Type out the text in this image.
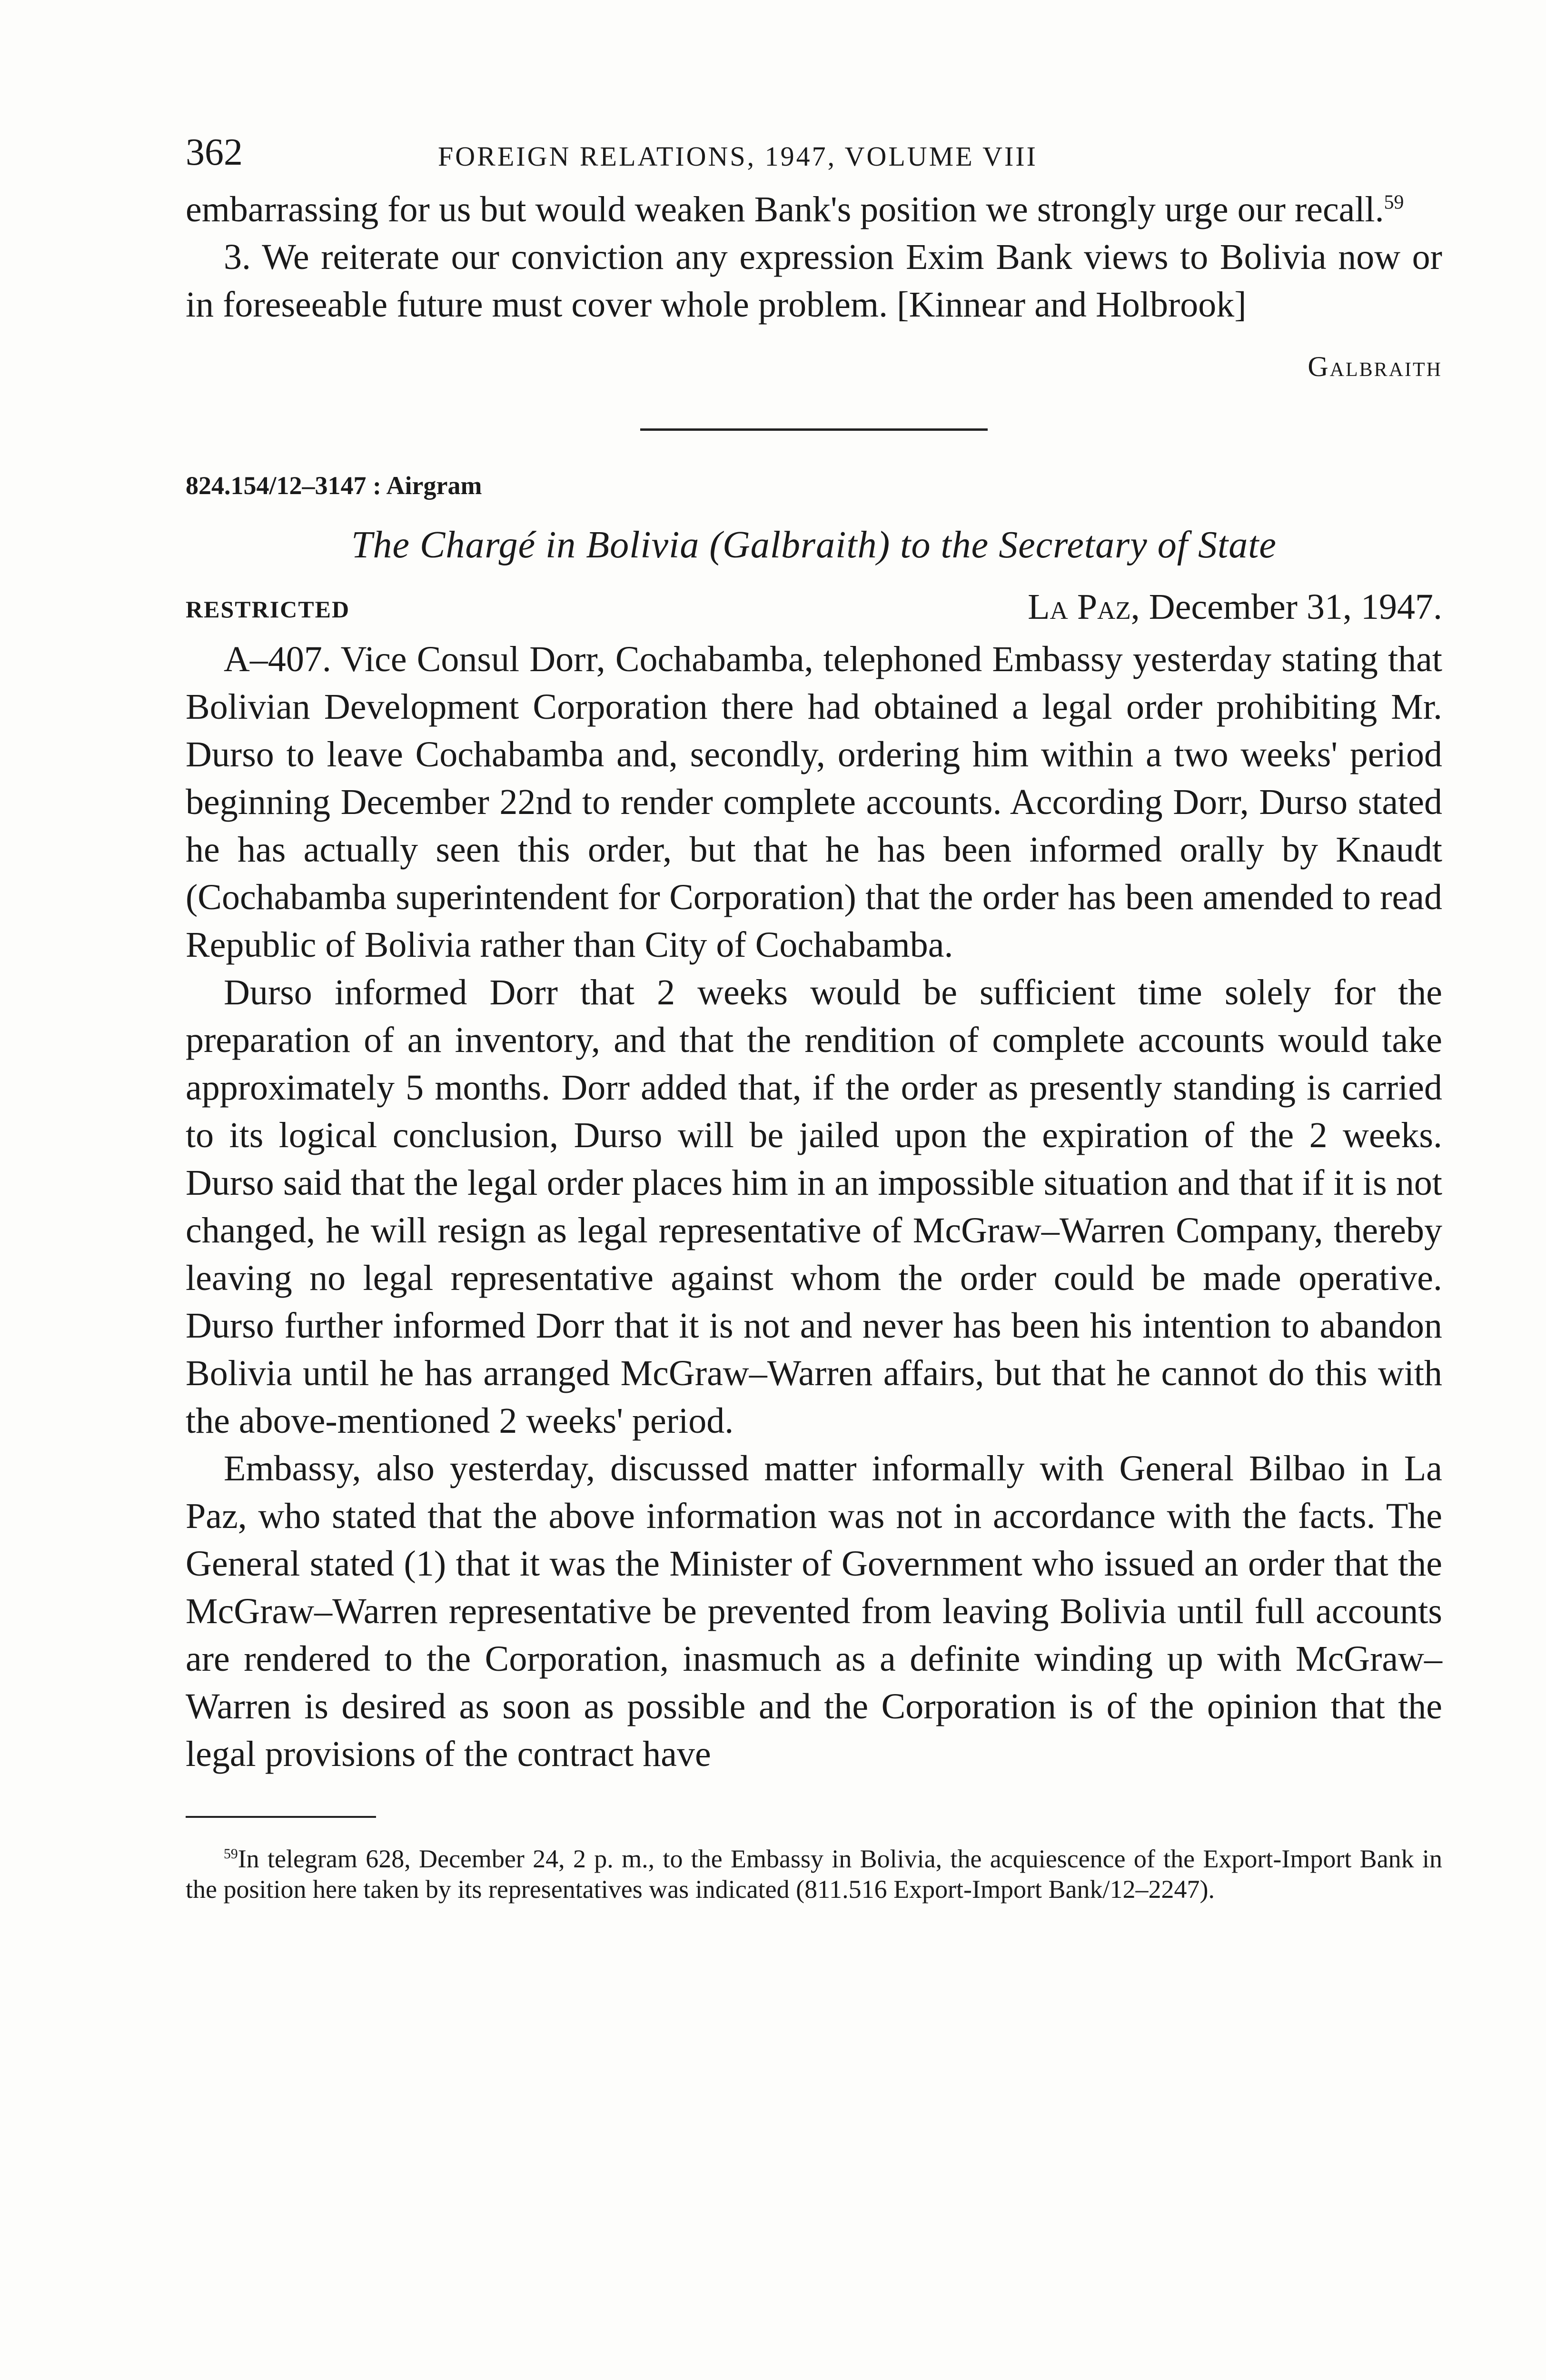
362	FOREIGN RELATIONS, 1947, VOLUME VIII

embarrassing for us but would weaken Bank's position we strongly urge our recall.$^{59}$

3. We reiterate our conviction any expression Exim Bank views to Bolivia now or in foreseeable future must cover whole problem. [Kinnear and Holbrook]

Galbraith
824.154/12–3147 : Airgram
The Chargé in Bolivia (Galbraith) to the Secretary of State
RESTRICTED	La Paz, December 31, 1947.

A–407. Vice Consul Dorr, Cochabamba, telephoned Embassy yesterday stating that Bolivian Development Corporation there had obtained a legal order prohibiting Mr. Durso to leave Cochabamba and, secondly, ordering him within a two weeks' period beginning December 22nd to render complete accounts. According Dorr, Durso stated he has actually seen this order, but that he has been informed orally by Knaudt (Cochabamba superintendent for Corporation) that the order has been amended to read Republic of Bolivia rather than City of Cochabamba.

Durso informed Dorr that 2 weeks would be sufficient time solely for the preparation of an inventory, and that the rendition of complete accounts would take approximately 5 months. Dorr added that, if the order as presently standing is carried to its logical conclusion, Durso will be jailed upon the expiration of the 2 weeks. Durso said that the legal order places him in an impossible situation and that if it is not changed, he will resign as legal representative of McGraw–Warren Company, thereby leaving no legal representative against whom the order could be made operative. Durso further informed Dorr that it is not and never has been his intention to abandon Bolivia until he has arranged McGraw–Warren affairs, but that he cannot do this with the above-mentioned 2 weeks' period.

Embassy, also yesterday, discussed matter informally with General Bilbao in La Paz, who stated that the above information was not in accordance with the facts. The General stated (1) that it was the Minister of Government who issued an order that the McGraw–Warren representative be prevented from leaving Bolivia until full accounts are rendered to the Corporation, inasmuch as a definite winding up with McGraw–Warren is desired as soon as possible and the Corporation is of the opinion that the legal provisions of the contract have

$^{59}$In telegram 628, December 24, 2 p. m., to the Embassy in Bolivia, the acquiescence of the Export-Import Bank in the position here taken by its representatives was indicated (811.516 Export-Import Bank/12–2247).
